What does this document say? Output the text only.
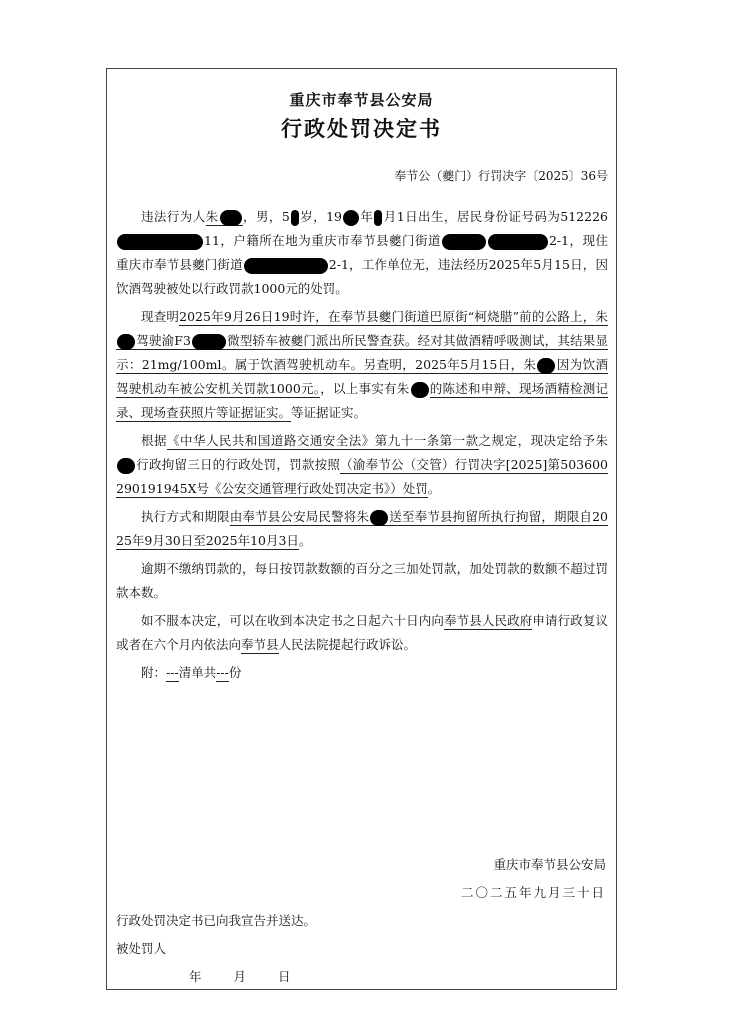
重庆市奉节县公安局
行政处罚决定书
奉节公（夔门）行罚决字〔2025〕36号

违法行为人朱 ，男，5 岁，19 年 月1日出生，居民身份证号码为51222611，户籍所在地为重庆市奉节县夔门街道	2-1，现住重庆市奉节县夔门街道	2-1，工作单位无，违法经历2025年5月15日，因饮酒驾驶被处以行政罚款1000元的处罚。

现查明2025年9月26日19时许，在奉节县夔门街道巴原街“柯烧腊”前的公路上，朱驾驶渝F3	微型轿车被夔门派出所民警查获。经对其做酒精呼吸测试，其结果显示：21mg/100ml。属于饮酒驾驶机动车。另查明，2025年5月15日，朱 因为饮酒驾驶机动车被公安机关罚款1000元。，以上事实有朱 的陈述和申辩、现场酒精检测记录、现场查获照片等证据证实。等证据证实。

根据《中华人民共和国道路交通安全法》第九十一条第一款之规定，现决定给予朱行政拘留三日的行政处罚，罚款按照（渝奉节公（交管）行罚决字[2025]第503600290191945X号《公安交通管理行政处罚决定书》）处罚。

执行方式和期限由奉节县公安局民警将朱 送至奉节县拘留所执行拘留，期限自2025年9月30日至2025年10月3日。

逾期不缴纳罚款的，每日按罚款数额的百分之三加处罚款，加处罚款的数额不超过罚款本数。

如不服本决定，可以在收到本决定书之日起六十日内向奉节县人民政府申请行政复议或者在六个月内依法向奉节县人民法院提起行政诉讼。

附：---清单共---份

重庆市奉节县公安局
二〇二五年九月三十日
行政处罚决定书已向我宣告并送达。
被处罚人
年	月	日
